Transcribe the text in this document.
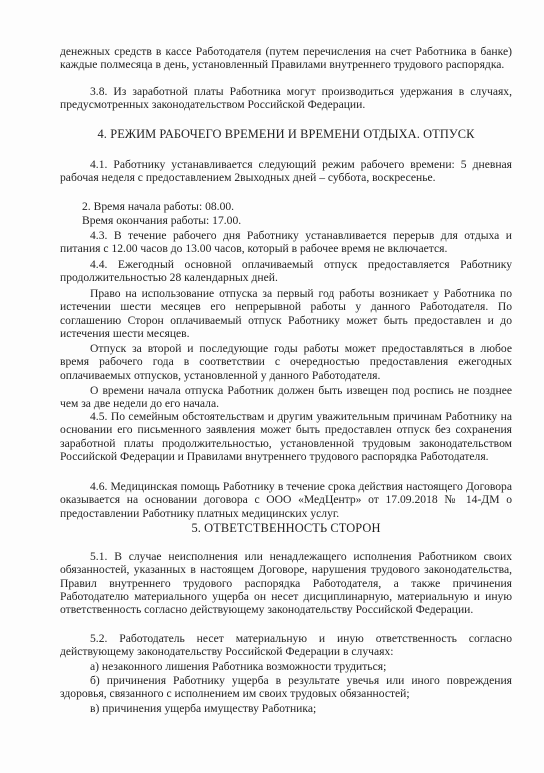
денежных средств в кассе Работодателя (путем перечисления на счет Работника в банке) каждые полмесяца в день, установленный Правилами внутреннего трудового распорядка.

3.8. Из заработной платы Работника могут производиться удержания в случаях, предусмотренных законодательством Российской Федерации.

4. РЕЖИМ РАБОЧЕГО ВРЕМЕНИ И ВРЕМЕНИ ОТДЫХА. ОТПУСК

4.1. Работнику устанавливается следующий режим рабочего времени: 5 дневная рабочая неделя с предоставлением 2выходных дней – суббота, воскресенье.

2. Время начала работы: 08.00.

Время окончания работы: 17.00.

4.3. В течение рабочего дня Работнику устанавливается перерыв для отдыха и питания с 12.00 часов до 13.00 часов, который в рабочее время не включается.

4.4. Ежегодный основной оплачиваемый отпуск предоставляется Работнику продолжительностью 28 календарных дней.

Право на использование отпуска за первый год работы возникает у Работника по истечении шести месяцев его непрерывной работы у данного Работодателя. По соглашению Сторон оплачиваемый отпуск Работнику может быть предоставлен и до истечения шести месяцев.

Отпуск за второй и последующие годы работы может предоставляться в любое время рабочего года в соответствии с очередностью предоставления ежегодных оплачиваемых отпусков, установленной у данного Работодателя.

О времени начала отпуска Работник должен быть извещен под роспись не позднее чем за две недели до его начала.

4.5. По семейным обстоятельствам и другим уважительным причинам Работнику на основании его письменного заявления может быть предоставлен отпуск без сохранения заработной платы продолжительностью, установленной трудовым законодательством Российской Федерации и Правилами внутреннего трудового распорядка Работодателя.

4.6. Медицинская помощь Работнику в течение срока действия настоящего Договора оказывается на основании договора с ООО «МедЦентр» от 17.09.2018 № 14-ДМ о предоставлении Работнику платных медицинских услуг.

5. ОТВЕТСТВЕННОСТЬ СТОРОН

5.1. В случае неисполнения или ненадлежащего исполнения Работником своих обязанностей, указанных в настоящем Договоре, нарушения трудового законодательства, Правил внутреннего трудового распорядка Работодателя, а также причинения Работодателю материального ущерба он несет дисциплинарную, материальную и иную ответственность согласно действующему законодательству Российской Федерации.

5.2. Работодатель несет материальную и иную ответственность согласно действующему законодательству Российской Федерации в случаях:

а) незаконного лишения Работника возможности трудиться;

б) причинения Работнику ущерба в результате увечья или иного повреждения здоровья, связанного с исполнением им своих трудовых обязанностей;

в) причинения ущерба имуществу Работника;
